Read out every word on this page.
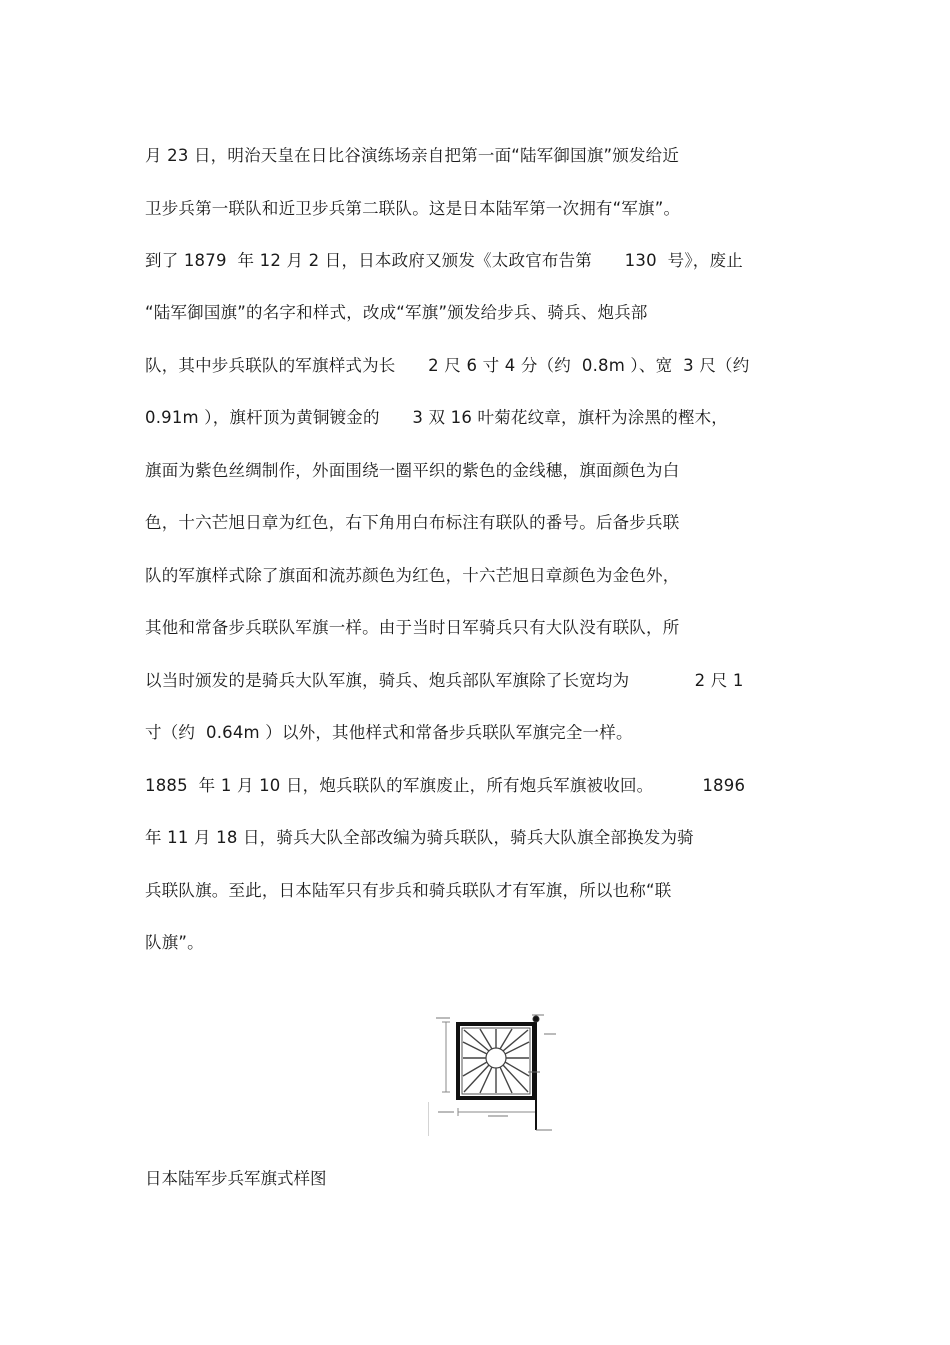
月 23 日，明治天皇在日比谷演练场亲自把第一面“陆军御国旗”颁发给近
卫步兵第一联队和近卫步兵第二联队。这是日本陆军第一次拥有“军旗”。
到了 1879  年 12 月 2 日，日本政府又颁发《太政官布告第      130  号》，废止
“陆军御国旗”的名字和样式，改成“军旗”颁发给步兵、骑兵、炮兵部
队，其中步兵联队的军旗样式为长      2 尺 6 寸 4 分（约  0.8m ）、宽  3 尺（约
0.91m ），旗杆顶为黄铜镀金的      3 双 16 叶菊花纹章，旗杆为涂黑的樫木，
旗面为紫色丝绸制作，外面围绕一圈平织的紫色的金线穗，旗面颜色为白
色，十六芒旭日章为红色，右下角用白布标注有联队的番号。后备步兵联
队的军旗样式除了旗面和流苏颜色为红色，十六芒旭日章颜色为金色外，
其他和常备步兵联队军旗一样。由于当时日军骑兵只有大队没有联队，所
以当时颁发的是骑兵大队军旗，骑兵、炮兵部队军旗除了长宽均为            2 尺 1
寸（约  0.64m ）以外，其他样式和常备步兵联队军旗完全一样。
1885  年 1 月 10 日，炮兵联队的军旗废止，所有炮兵军旗被收回。         1896
年 11 月 18 日，骑兵大队全部改编为骑兵联队，骑兵大队旗全部换发为骑
兵联队旗。至此，日本陆军只有步兵和骑兵联队才有军旗，所以也称“联
队旗”。
日本陆军步兵军旗式样图
